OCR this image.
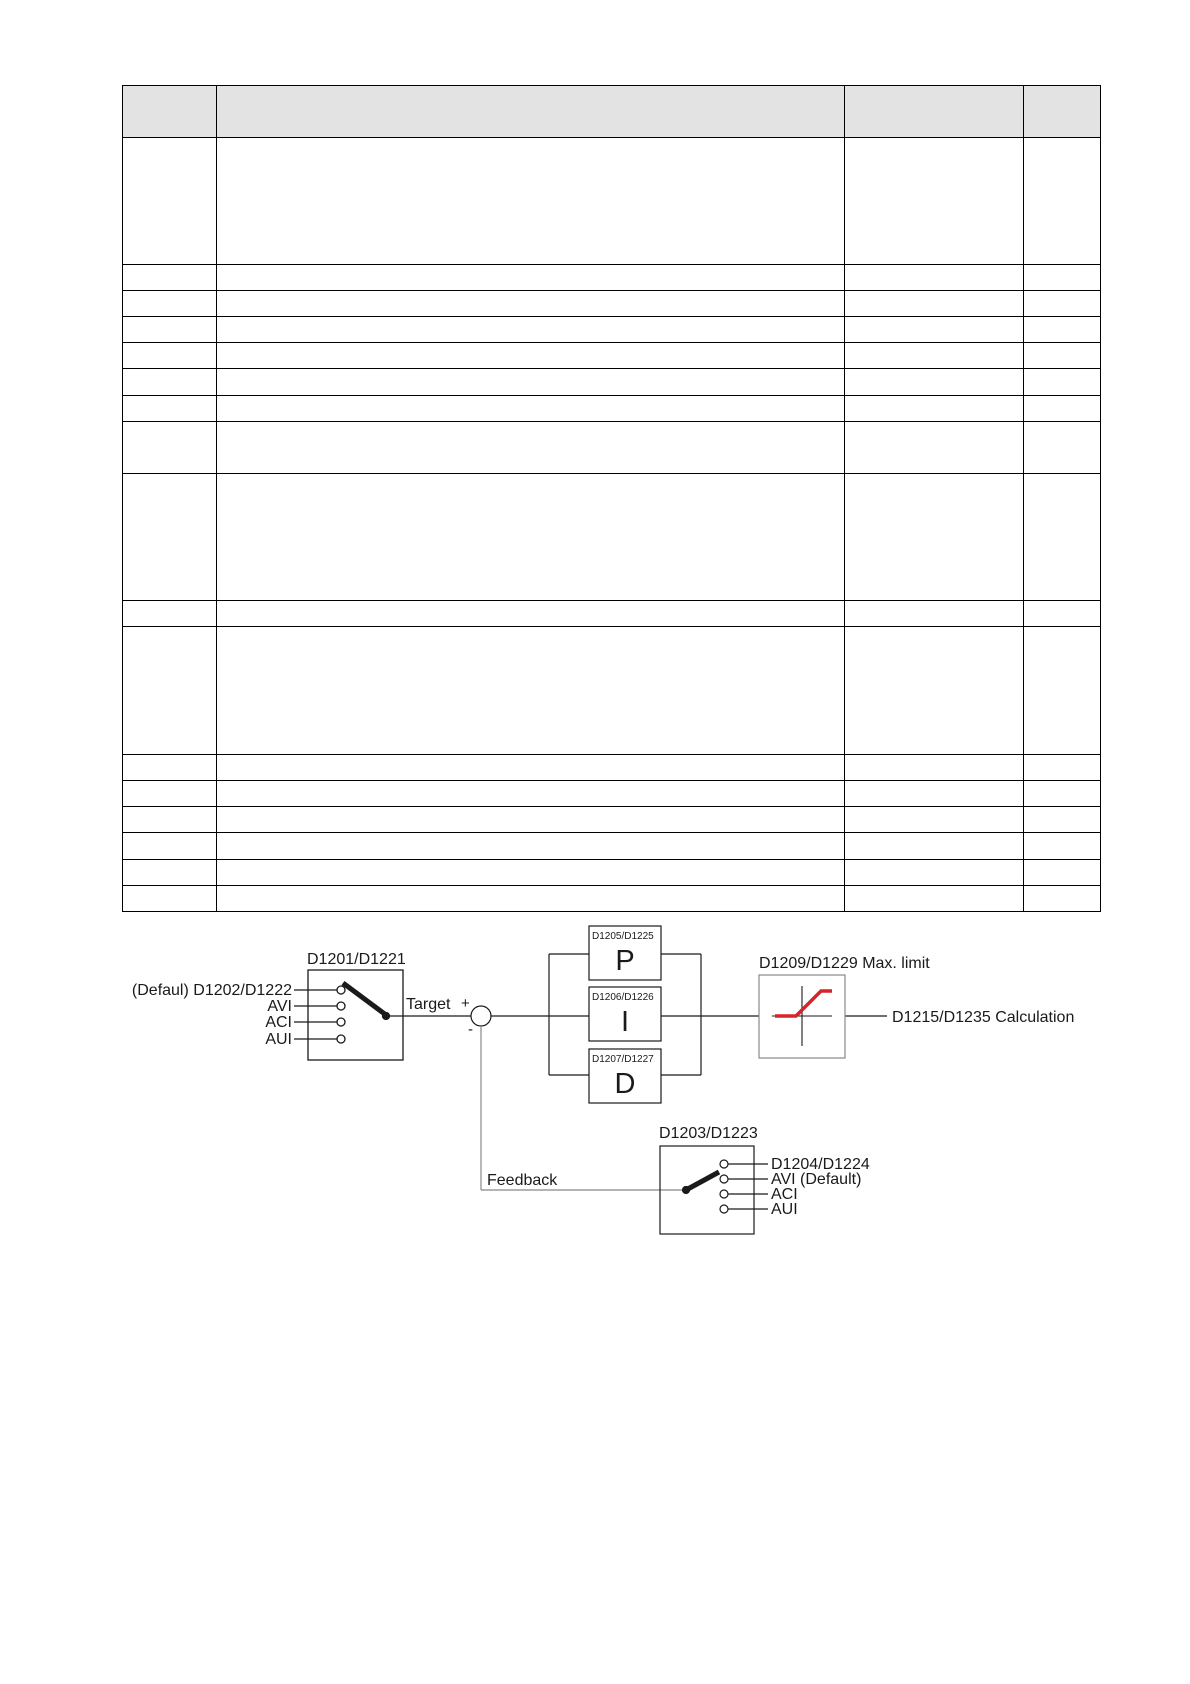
D1201/D1221
(Defaul) D1202/D1222
AVI
ACI
AUI
Target +
-
D1205/D1225
P
D1206/D1226
I
D1207/D1227
D
D1209/D1229 Max. limit
D1215/D1235 Calculation
Feedback
D1203/D1223
D1204/D1224
AVI (Default)
ACI
AUI
